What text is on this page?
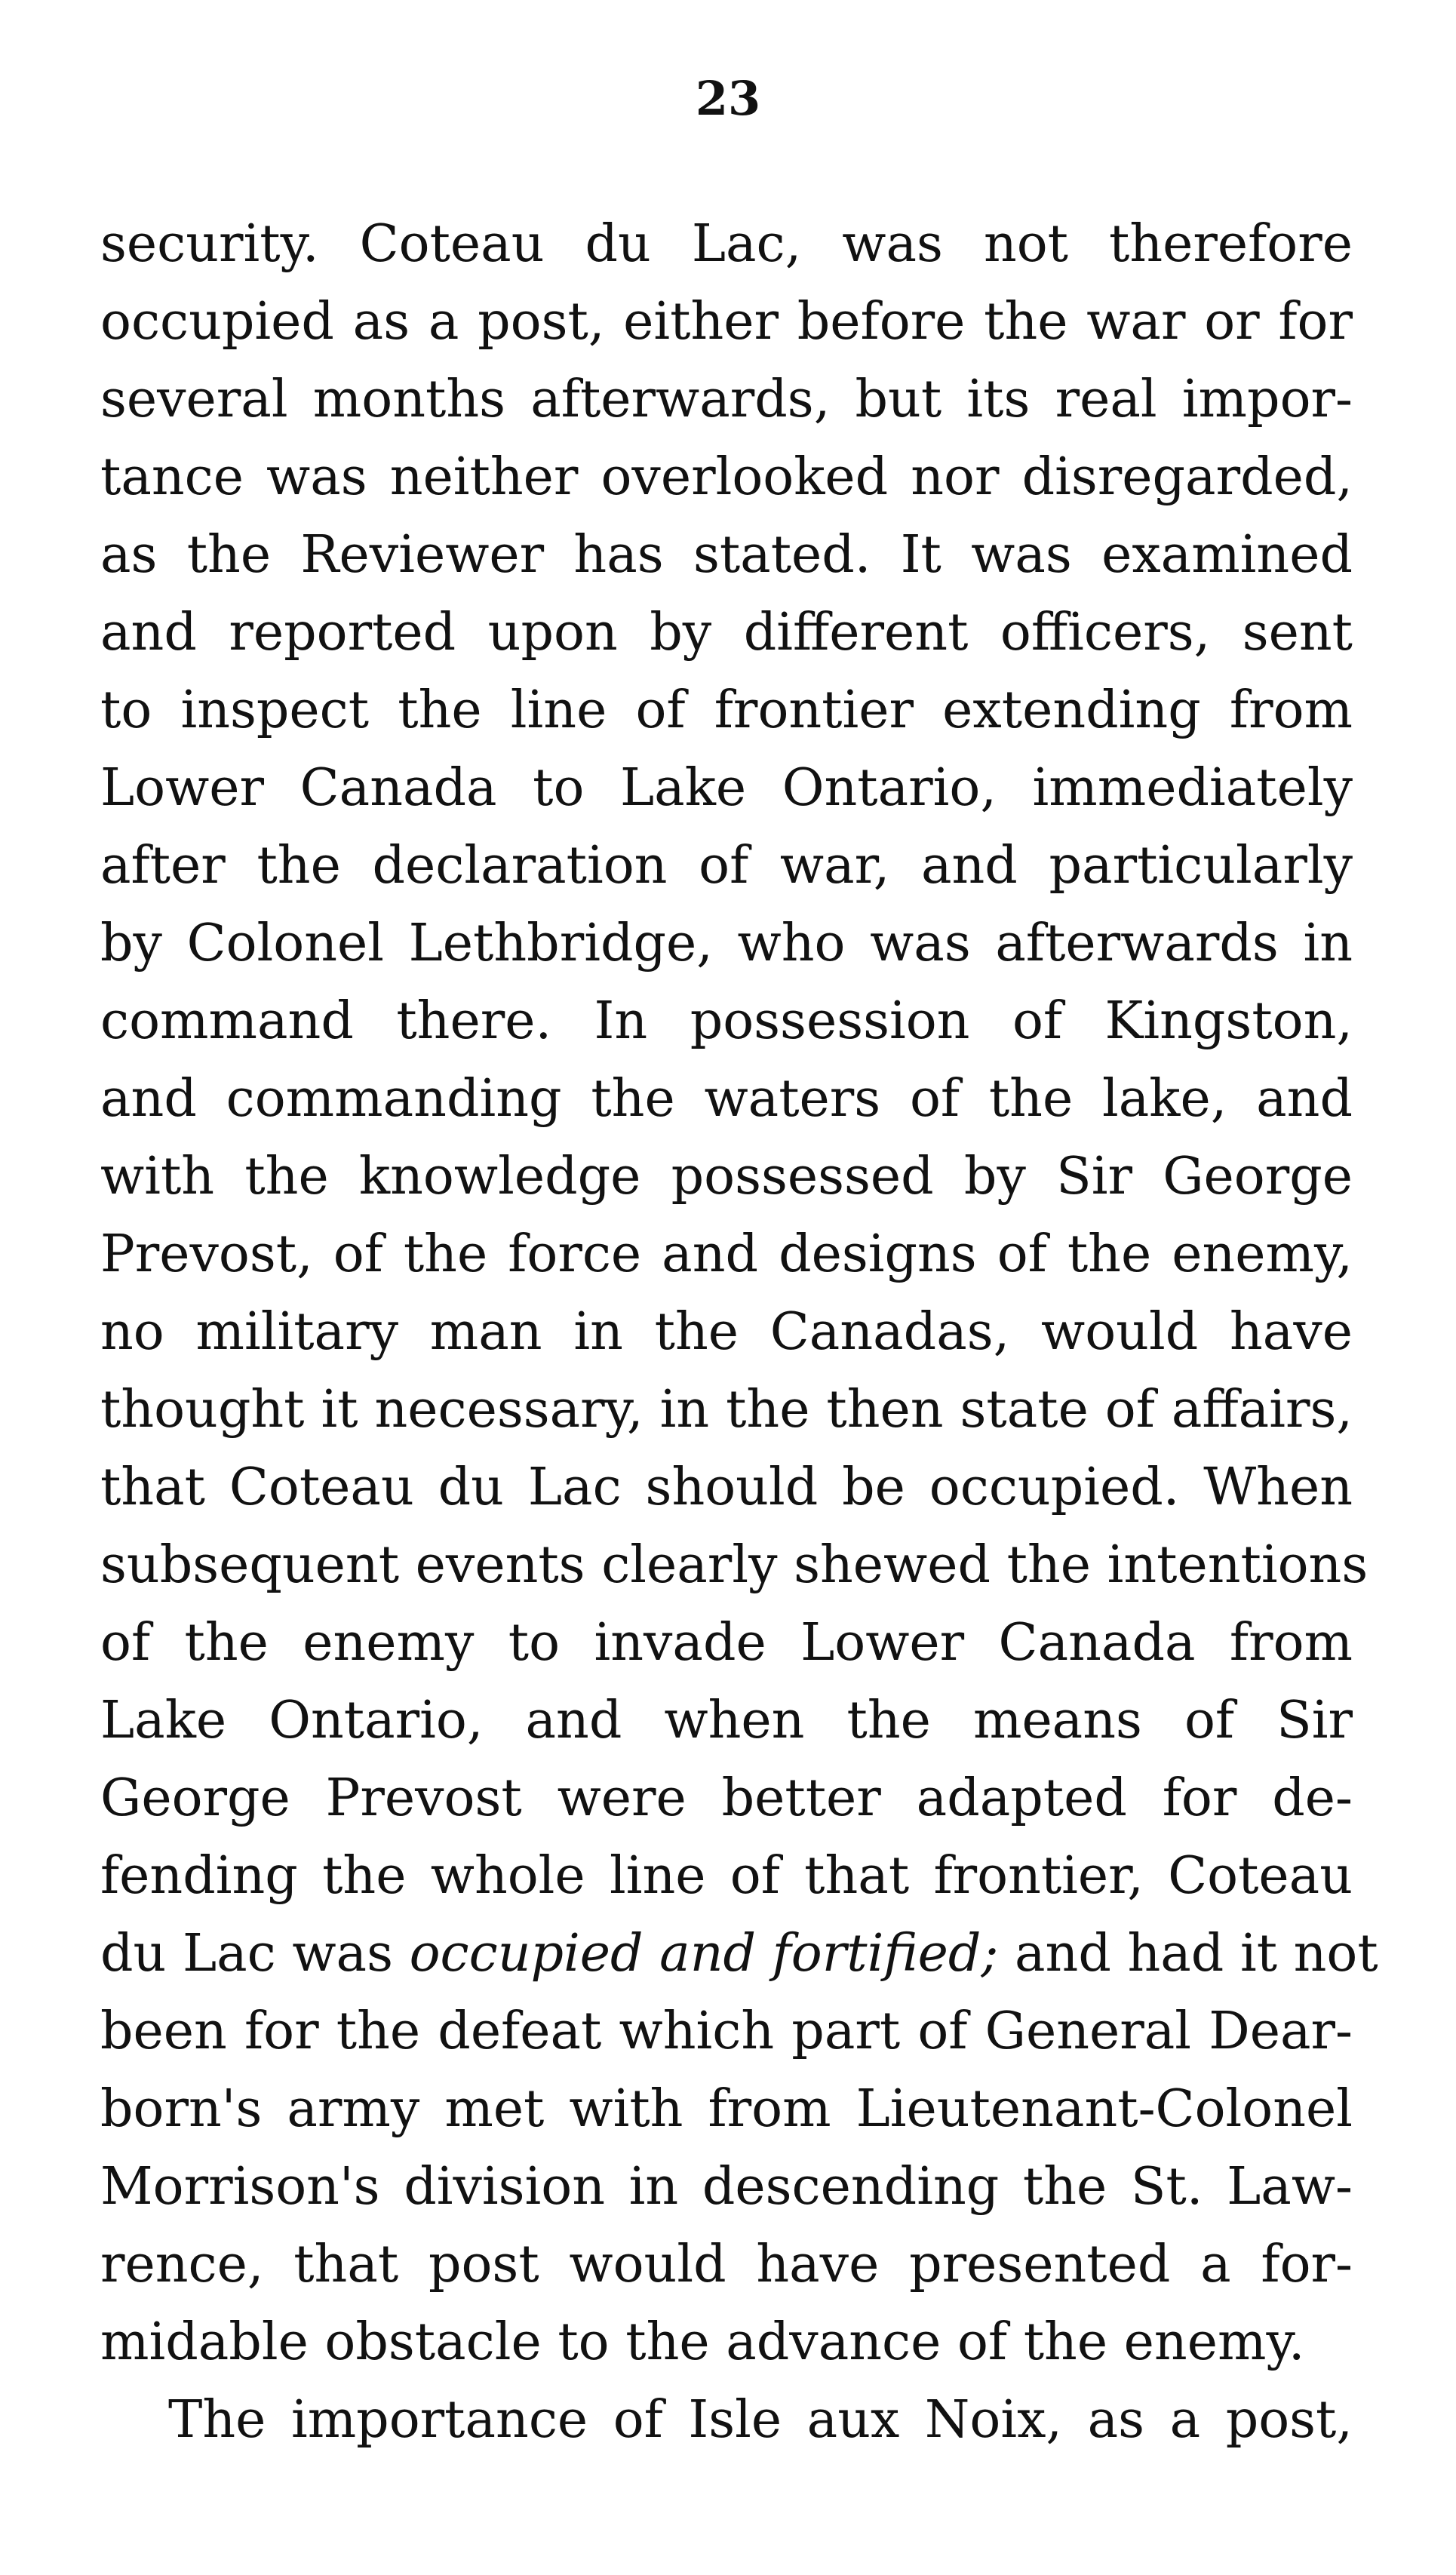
23
security. Coteau du Lac, was not therefore
occupied as a post, either before the war or for
several months afterwards, but its real impor-
tance was neither overlooked nor disregarded,
as the Reviewer has stated. It was examined
and reported upon by different officers, sent
to inspect the line of frontier extending from
Lower Canada to Lake Ontario, immediately
after the declaration of war, and particularly
by Colonel Lethbridge, who was afterwards in
command there. In possession of Kingston,
and commanding the waters of the lake, and
with the knowledge possessed by Sir George
Prevost, of the force and designs of the enemy,
no military man in the Canadas, would have
thought it necessary, in the then state of affairs,
that Coteau du Lac should be occupied. When
subsequent events clearly shewed the intentions
of the enemy to invade Lower Canada from
Lake Ontario, and when the means of Sir
George Prevost were better adapted for de-
fending the whole line of that frontier, Coteau
du Lac was occupied and fortified; and had it not
been for the defeat which part of General Dear-
born's army met with from Lieutenant-Colonel
Morrison's division in descending the St. Law-
rence, that post would have presented a for-
midable obstacle to the advance of the enemy.
The importance of Isle aux Noix, as a post,
